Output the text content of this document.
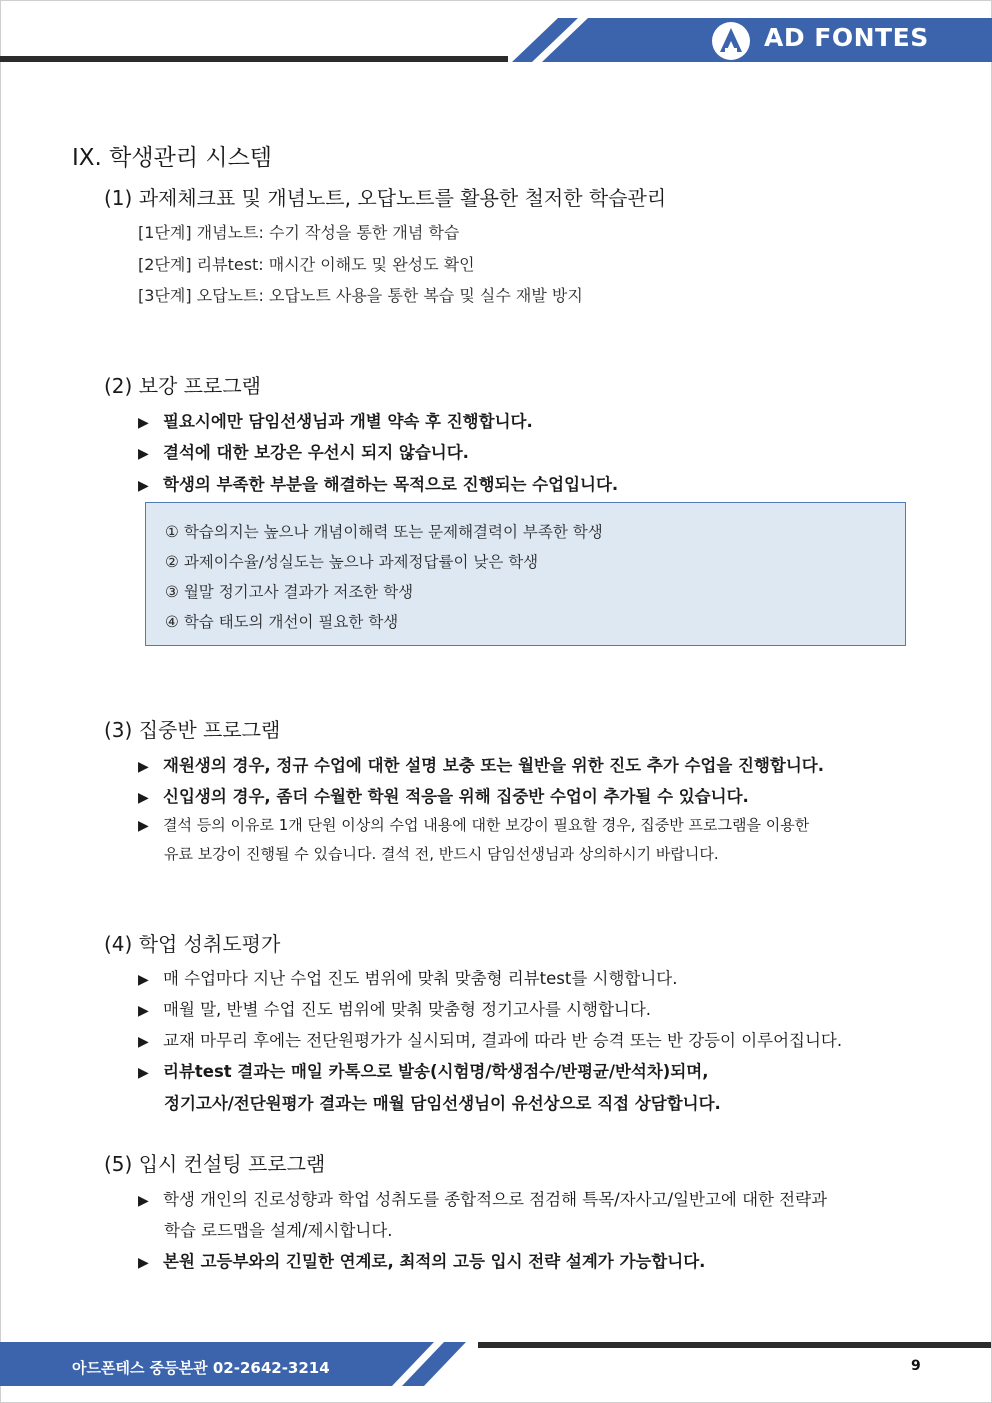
AD FONTES
IX. 학생관리 시스템
(1) 과제체크표 및 개념노트, 오답노트를 활용한 철저한 학습관리
[1단계] 개념노트: 수기 작성을 통한 개념 학습
[2단계] 리뷰test: 매시간 이해도 및 완성도 확인
[3단계] 오답노트: 오답노트 사용을 통한 복습 및 실수 재발 방지
(2) 보강 프로그램
▶ 필요시에만 담임선생님과 개별 약속 후 진행합니다.
▶ 결석에 대한 보강은 우선시 되지 않습니다.
▶ 학생의 부족한 부분을 해결하는 목적으로 진행되는 수업입니다.
① 학습의지는 높으나 개념이해력 또는 문제해결력이 부족한 학생
② 과제이수율/성실도는 높으나 과제정답률이 낮은 학생
③ 월말 정기고사 결과가 저조한 학생
④ 학습 태도의 개선이 필요한 학생
(3) 집중반 프로그램
▶ 재원생의 경우, 정규 수업에 대한 설명 보충 또는 월반을 위한 진도 추가 수업을 진행합니다.
▶ 신입생의 경우, 좀더 수월한 학원 적응을 위해 집중반 수업이 추가될 수 있습니다.
▶ 결석 등의 이유로 1개 단원 이상의 수업 내용에 대한 보강이 필요할 경우, 집중반 프로그램을 이용한
유료 보강이 진행될 수 있습니다. 결석 전, 반드시 담임선생님과 상의하시기 바랍니다.
(4) 학업 성취도평가
▶ 매 수업마다 지난 수업 진도 범위에 맞춰 맞춤형 리뷰test를 시행합니다.
▶ 매월 말, 반별 수업 진도 범위에 맞춰 맞춤형 정기고사를 시행합니다.
▶ 교재 마무리 후에는 전단원평가가 실시되며, 결과에 따라 반 승격 또는 반 강등이 이루어집니다.
▶ 리뷰test 결과는 매일 카톡으로 발송(시험명/학생점수/반평균/반석차)되며,
정기고사/전단원평가 결과는 매월 담임선생님이 유선상으로 직접 상담합니다.
(5) 입시 컨설팅 프로그램
▶ 학생 개인의 진로성향과 학업 성취도를 종합적으로 점검해 특목/자사고/일반고에 대한 전략과
학습 로드맵을 설계/제시합니다.
▶ 본원 고등부와의 긴밀한 연계로, 최적의 고등 입시 전략 설계가 가능합니다.
아드폰테스 중등본관 02-2642-3214	9
